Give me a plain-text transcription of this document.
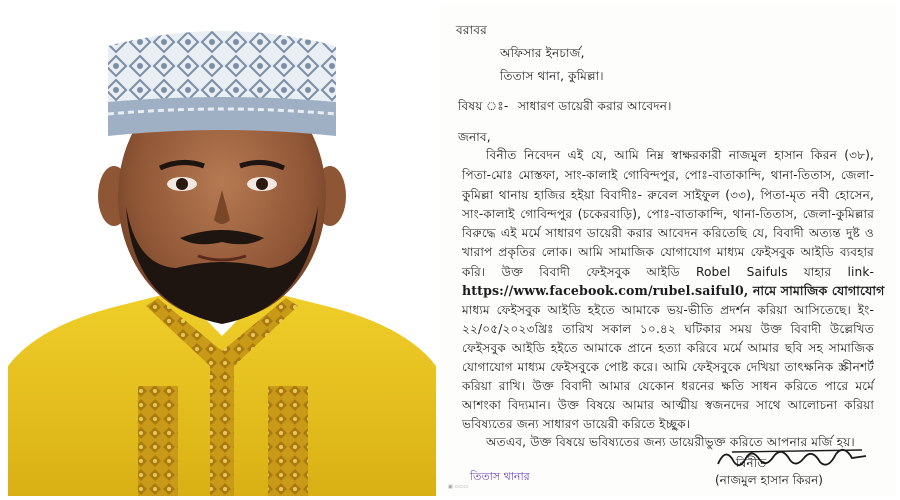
বরাবর
অফিসার ইনচার্জ,
তিতাস থানা, কুমিল্লা।
বিষয় ঃ- সাধারণ ডায়েরী করার আবেদন।
জনাব,
বিনীত নিবেদন এই যে, আমি নিম্ন স্বাক্ষরকারী নাজমুল হাসান কিরন (৩৮),
পিতা-মোঃ মোস্তফা, সাং-কালাই গোবিন্দপুর, পোঃ-বাতাকান্দি, থানা-তিতাস, জেলা-
কুমিল্লা থানায় হাজির হইয়া বিবাদীঃ- রুবেল সাইফুল (৩৩), পিতা-মৃত নবী হোসেন,
সাং-কালাই গোবিন্দপুর (চকেরবাড়ি), পোঃ-বাতাকান্দি, থানা-তিতাস, জেলা-কুমিল্লার
বিরুদ্ধে এই মর্মে সাধারণ ডায়েরী করার আবেদন করিতেছি যে, বিবাদী অত্যন্ত দুষ্ট ও
খারাপ প্রকৃতির লোক। আমি সামাজিক যোগাযোগ মাধ্যম ফেইসবুক আইডি ব্যবহার
করি। উক্ত বিবাদী ফেইসবুক আইডি Robel Saifuls যাহার link-
https://www.facebook.com/rubel.saiful0, নামে সামাজিক যোগাযোগ
মাধ্যম ফেইসবুক আইডি হইতে আমাকে ভয়-ভীতি প্রদর্শন করিয়া আসিতেছে। ইং-
২২/০৫/২০২৩খ্রিঃ তারিখ সকাল ১০.৪২ ঘটিকার সময় উক্ত বিবাদী উল্লেখিত
ফেইসবুক আইডি হইতে আমাকে প্রানে হত্যা করিবে মর্মে আমার ছবি সহ সামাজিক
যোগাযোগ মাধ্যম ফেইসবুকে পোষ্ট করে। আমি ফেইসবুকে দেখিয়া তাৎক্ষনিক স্ক্রীনশর্ট
করিয়া রাখি। উক্ত বিবাদী আমার যেকোন ধরনের ক্ষতি সাধন করিতে পারে মর্মে
আশংকা বিদ্যমান। উক্ত বিষয়ে আমার আত্মীয় স্বজনদের সাথে আলোচনা করিয়া
ভবিষ্যতের জন্য সাধারণ ডায়েরী করিতে ইচ্ছুক।
অতএব, উক্ত বিষয়ে ভবিষ্যতের জন্য ডায়েরীভুক্ত করিতে আপনার মর্জি হয়।
বিনীত
(নাজমুল হাসান কিরন)
তিতাস থানার
▣ ▭▭▭
